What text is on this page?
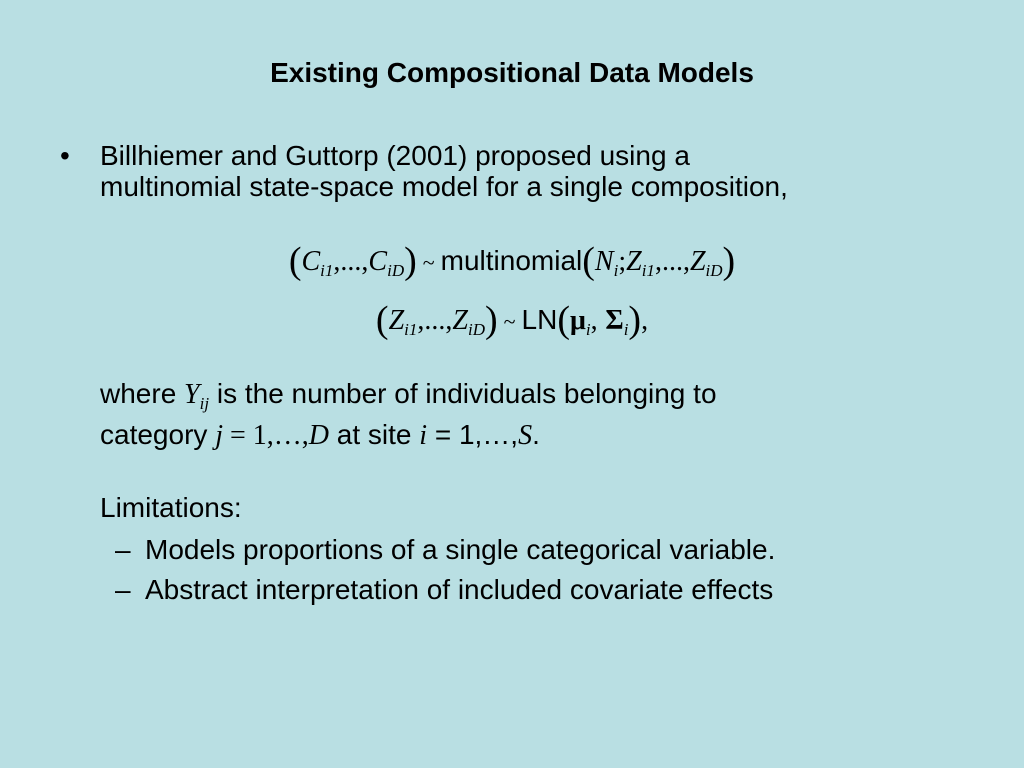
Existing Compositional Data Models
• Billhiemer and Guttorp (2001) proposed using a
multinomial state-space model for a single composition,
$(C_{i1},...,C_{iD})$ ~ $multinomial(N_i;Z_{i1},...,Z_{iD})$
$(Z_{i1},...,Z_{iD})$ ~ $LN(\mu_i$, $\Sigma_i$),
where $Y_{ij}$ is the number of individuals belonging to
category j = 1,…,D at site i = 1,…,S.
Limitations:
– Models proportions of a single categorical variable.
– Abstract interpretation of included covariate effects
